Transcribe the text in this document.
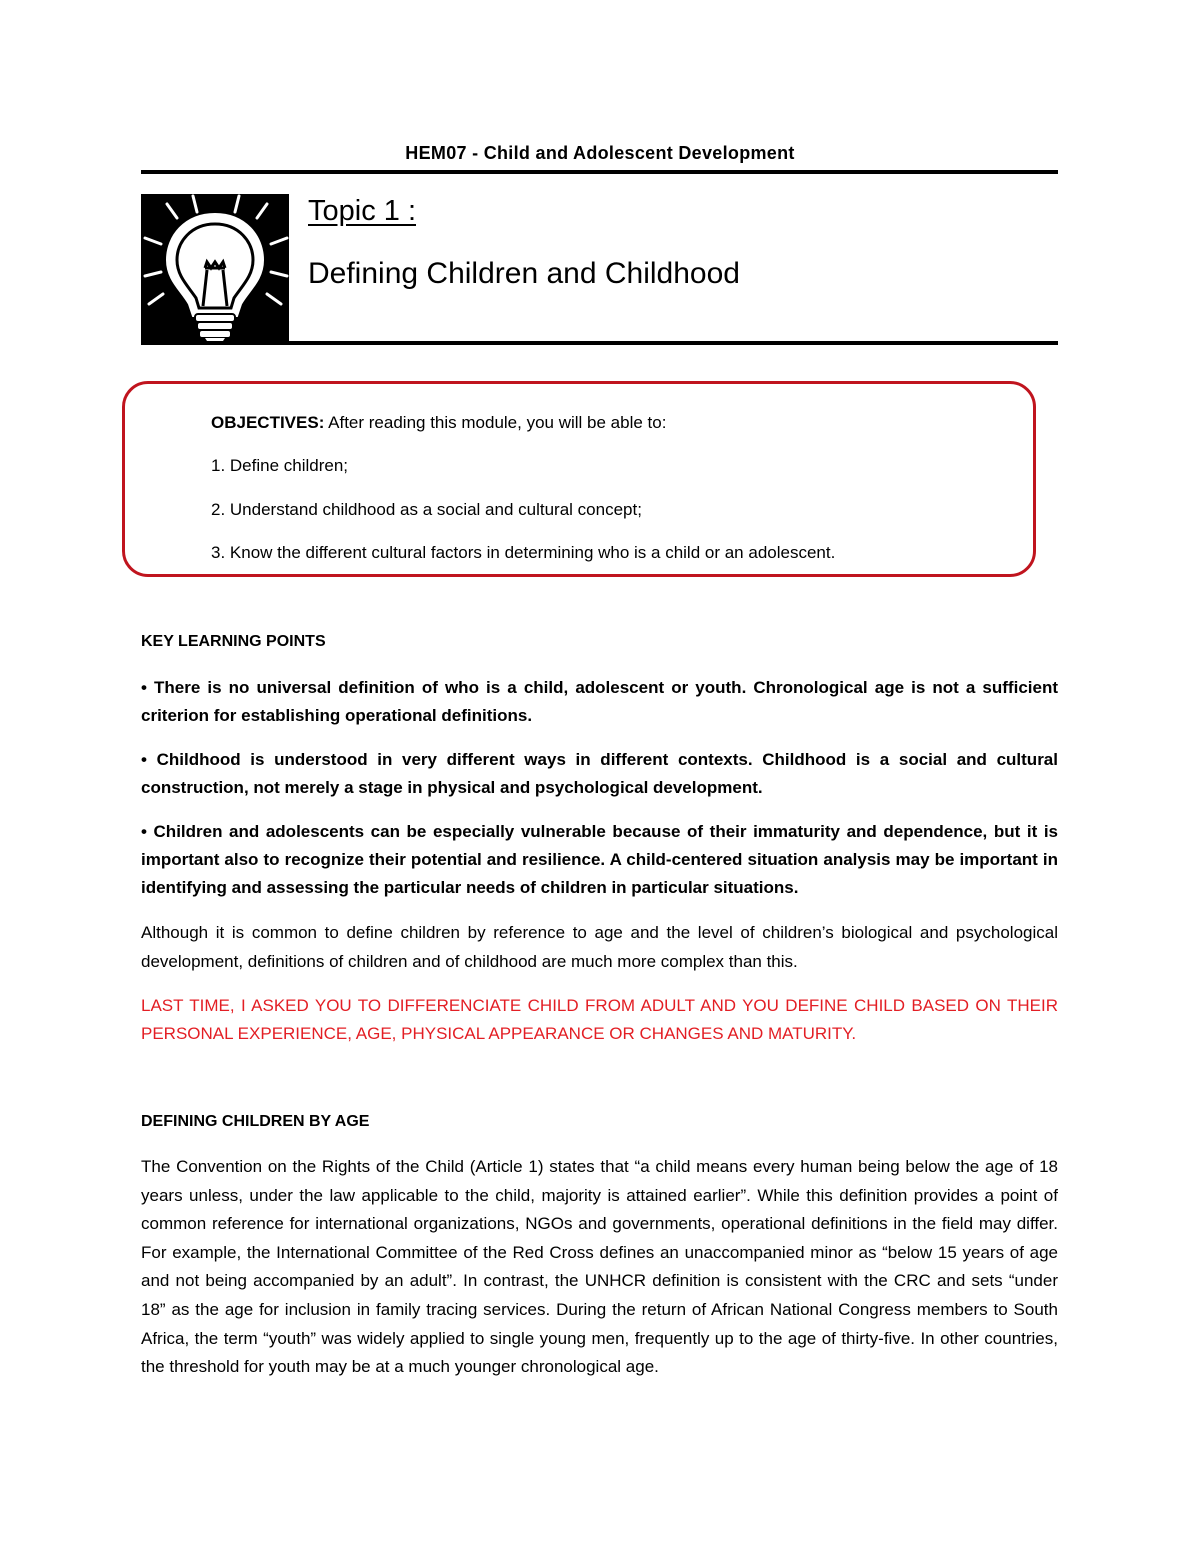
HEM07 - Child and Adolescent Development
Topic 1 :
Defining Children and Childhood
OBJECTIVES: After reading this module, you will be able to:
1. Define children;
2. Understand childhood as a social and cultural concept;
3. Know the different cultural factors in determining who is a child or an adolescent.
KEY LEARNING POINTS
• There is no universal definition of who is a child, adolescent or youth. Chronological age is not a sufficient criterion for establishing operational definitions.
• Childhood is understood in very different ways in different contexts. Childhood is a social and cultural construction, not merely a stage in physical and psychological development.
• Children and adolescents can be especially vulnerable because of their immaturity and dependence, but it is important also to recognize their potential and resilience. A child-centered situation analysis may be important in identifying and assessing the particular needs of children in particular situations.
Although it is common to define children by reference to age and the level of children’s biological and psychological development, definitions of children and of childhood are much more complex than this.
LAST TIME, I ASKED YOU TO DIFFERENCIATE CHILD FROM ADULT AND YOU DEFINE CHILD BASED ON THEIR PERSONAL EXPERIENCE, AGE, PHYSICAL APPEARANCE OR CHANGES AND MATURITY.
DEFINING CHILDREN BY AGE
The Convention on the Rights of the Child (Article 1) states that “a child means every human being below the age of 18 years unless, under the law applicable to the child, majority is attained earlier”. While this definition provides a point of common reference for international organizations, NGOs and governments, operational definitions in the field may differ. For example, the International Committee of the Red Cross defines an unaccompanied minor as “below 15 years of age and not being accompanied by an adult”. In contrast, the UNHCR definition is consistent with the CRC and sets “under 18” as the age for inclusion in family tracing services. During the return of African National Congress members to South Africa, the term “youth” was widely applied to single young men, frequently up to the age of thirty-five. In other countries, the threshold for youth may be at a much younger chronological age.
